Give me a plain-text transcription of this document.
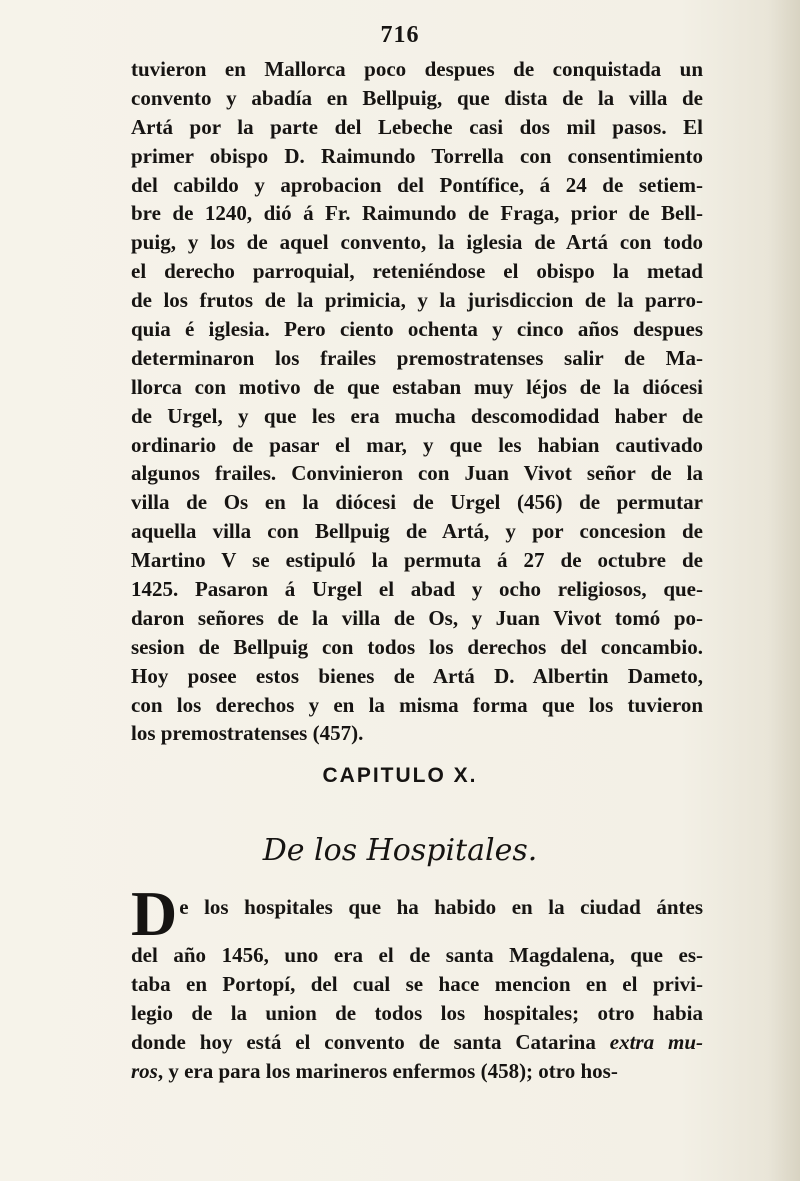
716
tuvieron en Mallorca poco despues de conquistada un
convento y abadía en Bellpuig, que dista de la villa de
Artá por la parte del Lebeche casi dos mil pasos. El
primer obispo D. Raimundo Torrella con consentimiento
del cabildo y aprobacion del Pontífice, á 24 de setiem-
bre de 1240, dió á Fr. Raimundo de Fraga, prior de Bell-
puig, y los de aquel convento, la iglesia de Artá con todo
el derecho parroquial, reteniéndose el obispo la metad
de los frutos de la primicia, y la jurisdiccion de la parro-
quia é iglesia. Pero ciento ochenta y cinco años despues
determinaron los frailes premostratenses salir de Ma-
llorca con motivo de que estaban muy léjos de la diócesi
de Urgel, y que les era mucha descomodidad haber de
ordinario de pasar el mar, y que les habian cautivado
algunos frailes. Convinieron con Juan Vivot señor de la
villa de Os en la diócesi de Urgel (456) de permutar
aquella villa con Bellpuig de Artá, y por concesion de
Martino V se estipuló la permuta á 27 de octubre de
1425. Pasaron á Urgel el abad y ocho religiosos, que-
daron señores de la villa de Os, y Juan Vivot tomó po-
sesion de Bellpuig con todos los derechos del concambio.
Hoy posee estos bienes de Artá D. Albertin Dameto,
con los derechos y en la misma forma que los tuvieron
los premostratenses (457).
CAPITULO X.
De los Hospitales.
D e los hospitales que ha habido en la ciudad ántes
del año 1456, uno era el de santa Magdalena, que es-
taba en Portopí, del cual se hace mencion en el privi-
legio de la union de todos los hospitales; otro habia
donde hoy está el convento de santa Catarina extra mu-
ros, y era para los marineros enfermos (458); otro hos-
